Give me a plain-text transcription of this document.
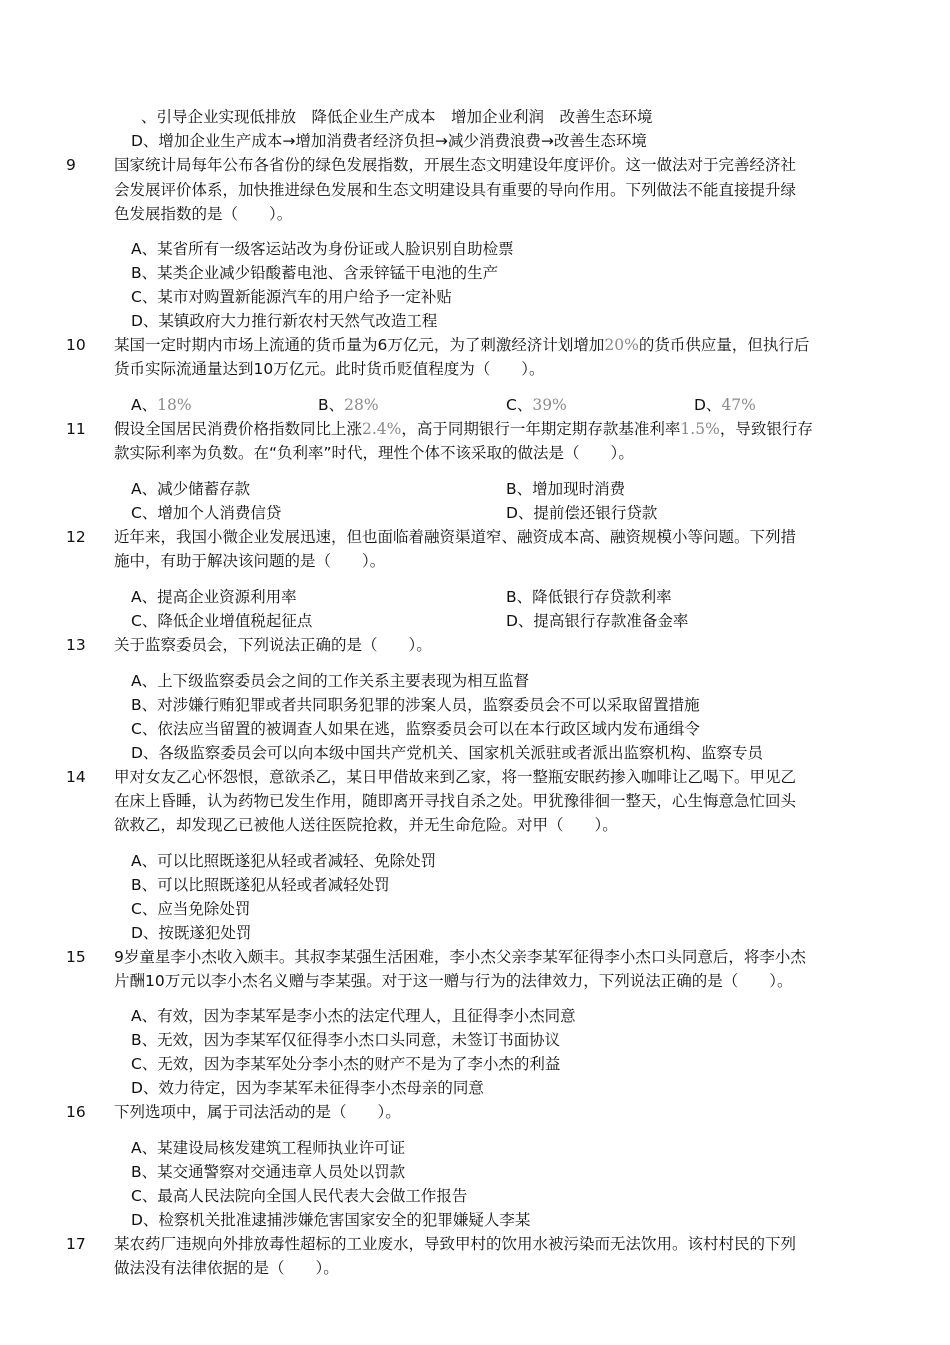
、引导企业实现低排放　降低企业生产成本　增加企业利润　改善生态环境
D、增加企业生产成本→增加消费者经济负担→减少消费浪费→改善生态环境
9	国家统计局每年公布各省份的绿色发展指数，开展生态文明建设年度评价。这一做法对于完善经济社
会发展评价体系，加快推进绿色发展和生态文明建设具有重要的导向作用。下列做法不能直接提升绿
色发展指数的是（　　）。
A、某省所有一级客运站改为身份证或人脸识别自助检票
B、某类企业减少铅酸蓄电池、含汞锌锰干电池的生产
C、某市对购置新能源汽车的用户给予一定补贴
D、某镇政府大力推行新农村天然气改造工程
10	某国一定时期内市场上流通的货币量为6万亿元，为了刺激经济计划增加20%的货币供应量，但执行后
货币实际流通量达到10万亿元。此时货币贬值程度为（　　）。
A、18%	B、28%	C、39%	D、47%
11	假设全国居民消费价格指数同比上涨2.4%，高于同期银行一年期定期存款基准利率1.5%，导致银行存
款实际利率为负数。在“负利率”时代，理性个体不该采取的做法是（　　）。
A、减少储蓄存款	B、增加现时消费
C、增加个人消费信贷	D、提前偿还银行贷款
12	近年来，我国小微企业发展迅速，但也面临着融资渠道窄、融资成本高、融资规模小等问题。下列措
施中，有助于解决该问题的是（　　）。
A、提高企业资源利用率	B、降低银行存贷款利率
C、降低企业增值税起征点	D、提高银行存款准备金率
13	关于监察委员会，下列说法正确的是（　　）。
A、上下级监察委员会之间的工作关系主要表现为相互监督
B、对涉嫌行贿犯罪或者共同职务犯罪的涉案人员，监察委员会不可以采取留置措施
C、依法应当留置的被调查人如果在逃，监察委员会可以在本行政区域内发布通缉令
D、各级监察委员会可以向本级中国共产党机关、国家机关派驻或者派出监察机构、监察专员
14	甲对女友乙心怀怨恨，意欲杀乙，某日甲借故来到乙家，将一整瓶安眠药掺入咖啡让乙喝下。甲见乙
在床上昏睡，认为药物已发生作用，随即离开寻找自杀之处。甲犹豫徘徊一整天，心生悔意急忙回头
欲救乙，却发现乙已被他人送往医院抢救，并无生命危险。对甲（　　）。
A、可以比照既遂犯从轻或者减轻、免除处罚
B、可以比照既遂犯从轻或者减轻处罚
C、应当免除处罚
D、按既遂犯处罚
15	9岁童星李小杰收入颇丰。其叔李某强生活困难，李小杰父亲李某军征得李小杰口头同意后，将李小杰
片酬10万元以李小杰名义赠与李某强。对于这一赠与行为的法律效力，下列说法正确的是（　　）。
A、有效，因为李某军是李小杰的法定代理人，且征得李小杰同意
B、无效，因为李某军仅征得李小杰口头同意，未签订书面协议
C、无效，因为李某军处分李小杰的财产不是为了李小杰的利益
D、效力待定，因为李某军未征得李小杰母亲的同意
16	下列选项中，属于司法活动的是（　　）。
A、某建设局核发建筑工程师执业许可证
B、某交通警察对交通违章人员处以罚款
C、最高人民法院向全国人民代表大会做工作报告
D、检察机关批准逮捕涉嫌危害国家安全的犯罪嫌疑人李某
17	某农药厂违规向外排放毒性超标的工业废水，导致甲村的饮用水被污染而无法饮用。该村村民的下列
做法没有法律依据的是（　　）。
